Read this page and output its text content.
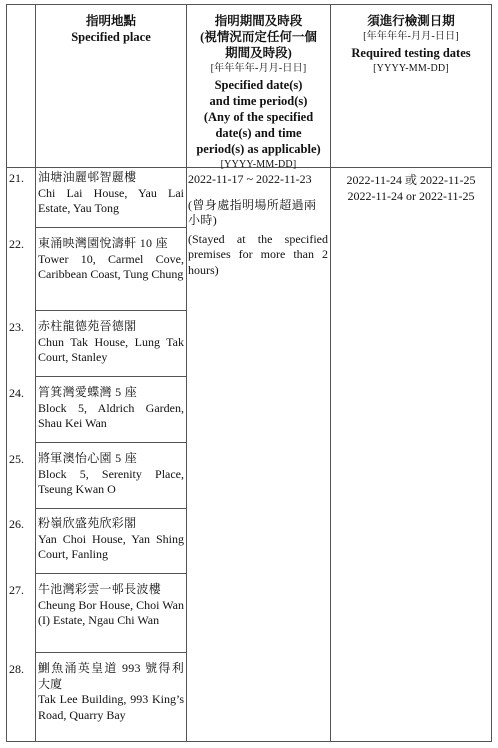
指明地點
Specified place
指明期間及時段
(視情況而定任何一個
期間及時段)
[年年年年-月月-日日]
Specified date(s)
and time period(s)
(Any of the specified
date(s) and time
period(s) as applicable)
[YYYY-MM-DD]
須進行檢測日期
[年年年年-月月-日日]
Required testing dates
[YYYY-MM-DD]
21.	油塘油麗邨智麗樓
Chi Lai House, Yau Lai Estate, Yau Tong
22.	東涌映灣園悅濤軒 10 座
Tower 10, Carmel Cove, Caribbean Coast, Tung Chung
23.	赤柱龍德苑晉德閣
Chun Tak House, Lung Tak Court, Stanley
24.	筲箕灣愛蝶灣 5 座
Block 5, Aldrich Garden, Shau Kei Wan
25.	將軍澳怡心園 5 座
Block 5, Serenity Place, Tseung Kwan O
26.	粉嶺欣盛苑欣彩閣
Yan Choi House, Yan Shing Court, Fanling
27.	牛池灣彩雲一邨長波樓
Cheung Bor House, Choi Wan (I) Estate, Ngau Chi Wan
28.	鰂魚涌英皇道 993 號得利大廈
Tak Lee Building, 993 King’s Road, Quarry Bay
2022-11-17 ~ 2022-11-23
(曾身處指明場所超過兩小時)
(Stayed at the specified premises for more than 2 hours)
2022-11-24 或 2022-11-25
2022-11-24 or 2022-11-25
